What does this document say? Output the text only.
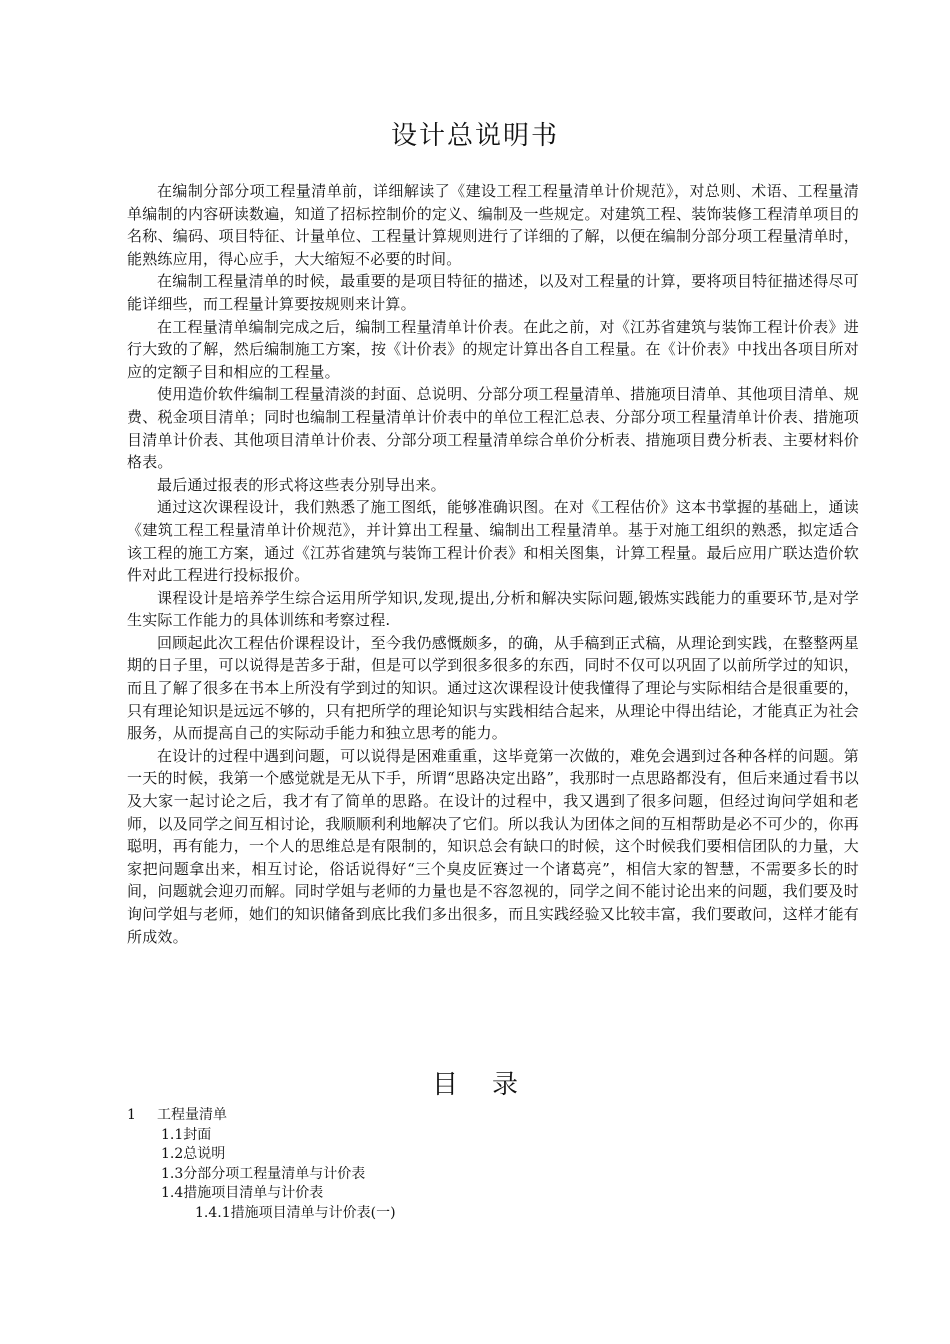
设计总说明书

在编制分部分项工程量清单前，详细解读了《建设工程工程量清单计价规范》，对总则、术语、工程量清单编制的内容研读数遍，知道了招标控制价的定义、编制及一些规定。对建筑工程、装饰装修工程清单项目的名称、编码、项目特征、计量单位、工程量计算规则进行了详细的了解，以便在编制分部分项工程量清单时，能熟练应用，得心应手，大大缩短不必要的时间。

在编制工程量清单的时候，最重要的是项目特征的描述，以及对工程量的计算，要将项目特征描述得尽可能详细些，而工程量计算要按规则来计算。

在工程量清单编制完成之后，编制工程量清单计价表。在此之前，对《江苏省建筑与装饰工程计价表》进行大致的了解，然后编制施工方案，按《计价表》的规定计算出各自工程量。在《计价表》中找出各项目所对应的定额子目和相应的工程量。

使用造价软件编制工程量清淡的封面、总说明、分部分项工程量清单、措施项目清单、其他项目清单、规费、税金项目清单；同时也编制工程量清单计价表中的单位工程汇总表、分部分项工程量清单计价表、措施项目清单计价表、其他项目清单计价表、分部分项工程量清单综合单价分析表、措施项目费分析表、主要材料价格表。

最后通过报表的形式将这些表分别导出来。

通过这次课程设计，我们熟悉了施工图纸，能够准确识图。在对《工程估价》这本书掌握的基础上，通读《建筑工程工程量清单计价规范》，并计算出工程量、编制出工程量清单。基于对施工组织的熟悉，拟定适合该工程的施工方案，通过《江苏省建筑与装饰工程计价表》和相关图集，计算工程量。最后应用广联达造价软件对此工程进行投标报价。

课程设计是培养学生综合运用所学知识,发现,提出,分析和解决实际问题,锻炼实践能力的重要环节,是对学生实际工作能力的具体训练和考察过程.

回顾起此次工程估价课程设计，至今我仍感慨颇多，的确，从手稿到正式稿，从理论到实践，在整整两星期的日子里，可以说得是苦多于甜，但是可以学到很多很多的东西，同时不仅可以巩固了以前所学过的知识，而且了解了很多在书本上所没有学到过的知识。通过这次课程设计使我懂得了理论与实际相结合是很重要的，只有理论知识是远远不够的，只有把所学的理论知识与实践相结合起来，从理论中得出结论，才能真正为社会服务，从而提高自己的实际动手能力和独立思考的能力。

在设计的过程中遇到问题，可以说得是困难重重，这毕竟第一次做的，难免会遇到过各种各样的问题。第一天的时候，我第一个感觉就是无从下手，所谓“思路决定出路”，我那时一点思路都没有，但后来通过看书以及大家一起讨论之后，我才有了简单的思路。在设计的过程中，我又遇到了很多问题，但经过询问学姐和老师，以及同学之间互相讨论，我顺顺利利地解决了它们。所以我认为团体之间的互相帮助是必不可少的，你再聪明，再有能力，一个人的思维总是有限制的，知识总会有缺口的时候，这个时候我们要相信团队的力量，大家把问题拿出来，相互讨论，俗话说得好“三个臭皮匠赛过一个诸葛亮”，相信大家的智慧，不需要多长的时间，问题就会迎刃而解。同时学姐与老师的力量也是不容忽视的，同学之间不能讨论出来的问题，我们要及时询问学姐与老师，她们的知识储备到底比我们多出很多，而且实践经验又比较丰富，我们要敢问，这样才能有所成效。

目录
1 工程量清单
1.1封面
1.2总说明
1.3分部分项工程量清单与计价表
1.4措施项目清单与计价表
1.4.1措施项目清单与计价表(一)
